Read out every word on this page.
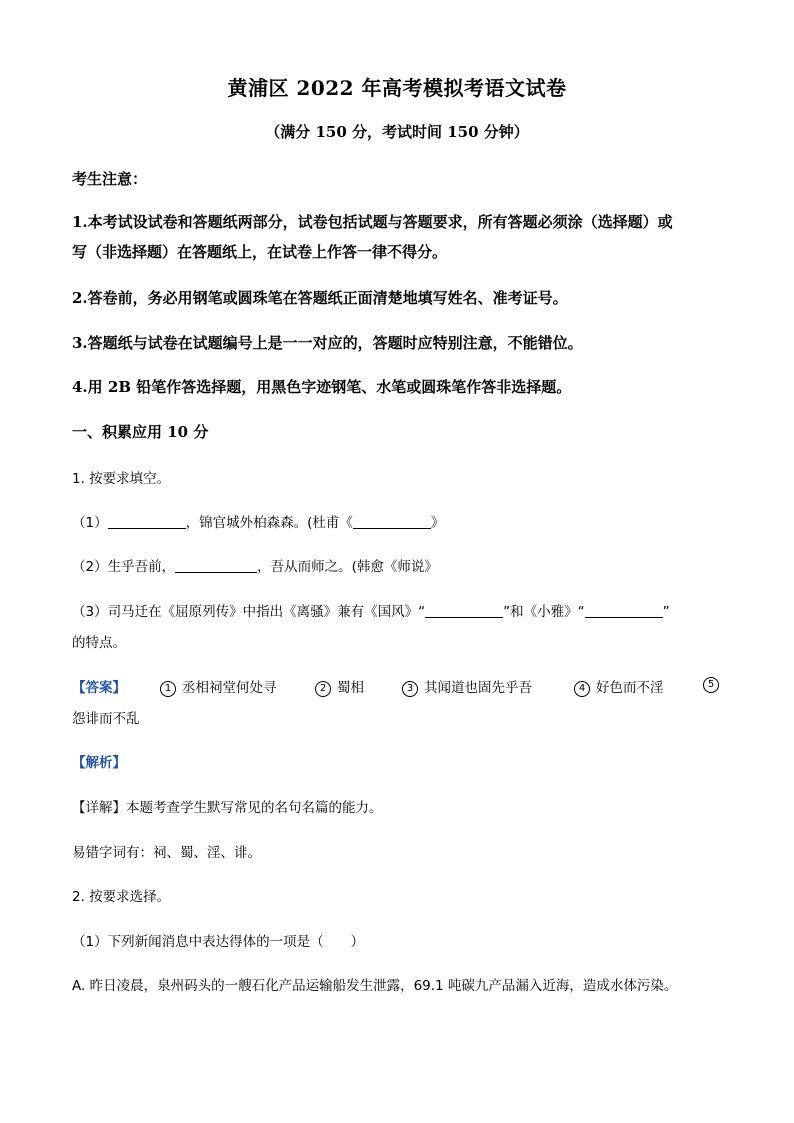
黄浦区 2022 年高考模拟考语文试卷
（满分 150 分，考试时间 150 分钟）
考生注意：
1.本考试设试卷和答题纸两部分，试卷包括试题与答题要求，所有答题必须涂（选择题）或
写（非选择题）在答题纸上，在试卷上作答一律不得分。
2.答卷前，务必用钢笔或圆珠笔在答题纸正面清楚地填写姓名、准考证号。
3.答题纸与试卷在试题编号上是一一对应的，答题时应特别注意，不能错位。
4.用 2B 铅笔作答选择题，用黑色字迹钢笔、水笔或圆珠笔作答非选择题。
一、积累应用 10 分
1. 按要求填空。
（1）	，锦官城外柏森森。(杜甫《	》
（2）生乎吾前，	，吾从而师之。(韩愈《师说》
（3）司马迁在《屈原列传》中指出《离骚》兼有《国风》“	”和《小雅》“	”
的特点。
【答案】	1 丞相祠堂何处寻	2 蜀相	3 其闻道也固先乎吾	4 好色而不淫	5
怨诽而不乱
【解析】
【详解】本题考查学生默写常见的名句名篇的能力。
易错字词有：祠、蜀、淫、诽。
2. 按要求选择。
（1）下列新闻消息中表达得体的一项是（　　）
A. 昨日凌晨，泉州码头的一艘石化产品运输船发生泄露，69.1 吨碳九产品漏入近海，造成水体污染。
